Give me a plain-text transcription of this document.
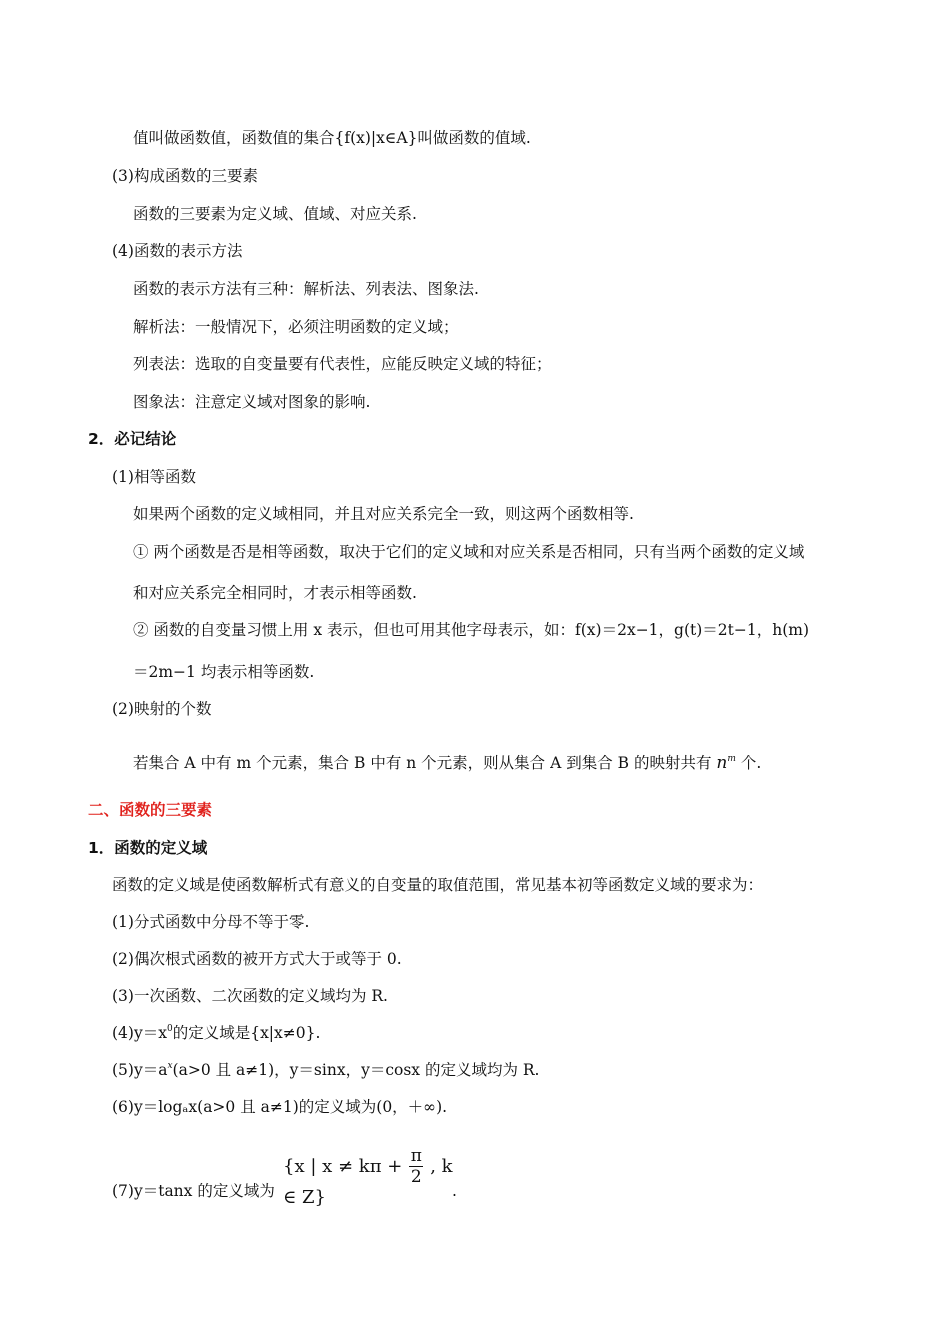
值叫做函数值，函数值的集合{f(x)|x∈A}叫做函数的值域.
(3)构成函数的三要素
函数的三要素为定义域、值域、对应关系.
(4)函数的表示方法
函数的表示方法有三种：解析法、列表法、图象法.
解析法：一般情况下，必须注明函数的定义域；
列表法：选取的自变量要有代表性，应能反映定义域的特征；
图象法：注意定义域对图象的影响.
2．必记结论
(1)相等函数
如果两个函数的定义域相同，并且对应关系完全一致，则这两个函数相等.
① 两个函数是否是相等函数，取决于它们的定义域和对应关系是否相同，只有当两个函数的定义域
和对应关系完全相同时，才表示相等函数.
② 函数的自变量习惯上用 x 表示，但也可用其他字母表示，如：f(x)＝2x−1，g(t)＝2t−1，h(m)
＝2m−1 均表示相等函数.
(2)映射的个数
若集合 A 中有 m 个元素，集合 B 中有 n 个元素，则从集合 A 到集合 B 的映射共有 $n^m$ 个.
二、函数的三要素
1．函数的定义域
函数的定义域是使函数解析式有意义的自变量的取值范围，常见基本初等函数定义域的要求为：
(1)分式函数中分母不等于零.
(2)偶次根式函数的被开方式大于或等于 0.
(3)一次函数、二次函数的定义域均为 R.
$(4)y=x^0$的定义域是{x|x≠0}.
$(5)y=a^x(a>0$ 且 a≠1)，y＝sinx，y＝cosx 的定义域均为 R.
(6)y＝logₐx(a>0 且 a≠1)的定义域为(0，＋∞).
(7)y＝tanx 的定义域为
{x | $x \ne k\pi + \frac{\pi}{2}$ , k ∈ Z}	.
